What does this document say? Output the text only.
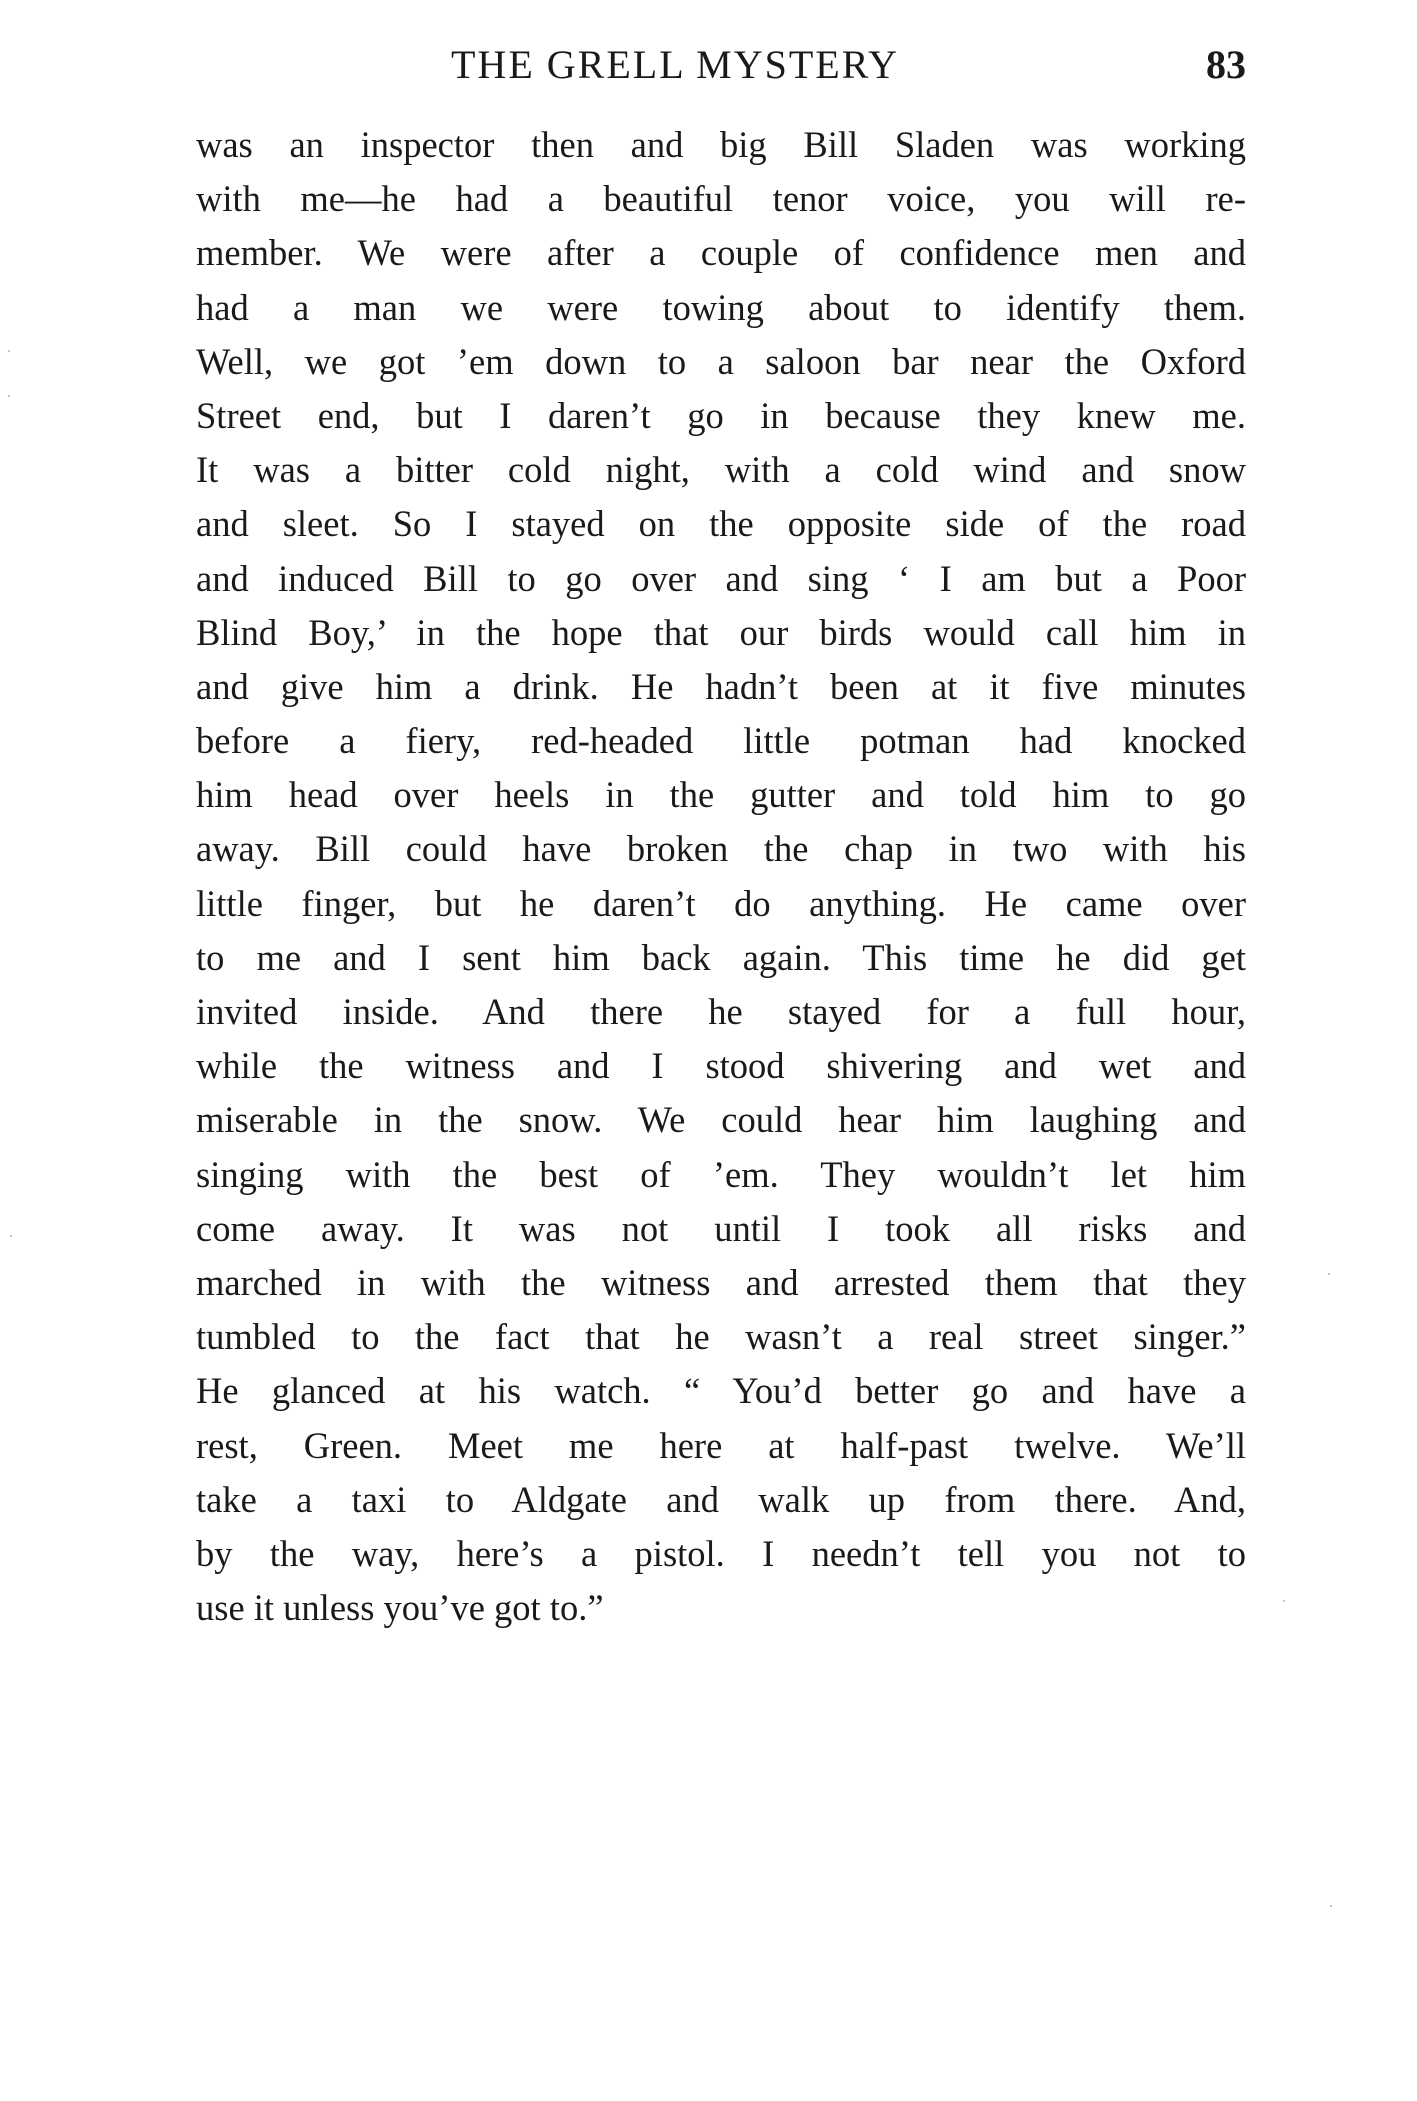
THE GRELL MYSTERY	83
was an inspector then and big Bill Sladen was working
with me—he had a beautiful tenor voice, you will re-
member. We were after a couple of confidence men and
had a man we were towing about to identify them.
Well, we got ’em down to a saloon bar near the Oxford
Street end, but I daren’t go in because they knew me.
It was a bitter cold night, with a cold wind and snow
and sleet. So I stayed on the opposite side of the road
and induced Bill to go over and sing ‘ I am but a Poor
Blind Boy,’ in the hope that our birds would call him in
and give him a drink. He hadn’t been at it five minutes
before a fiery, red-headed little potman had knocked
him head over heels in the gutter and told him to go
away. Bill could have broken the chap in two with his
little finger, but he daren’t do anything. He came over
to me and I sent him back again. This time he did get
invited inside. And there he stayed for a full hour,
while the witness and I stood shivering and wet and
miserable in the snow. We could hear him laughing and
singing with the best of ’em. They wouldn’t let him
come away. It was not until I took all risks and
marched in with the witness and arrested them that they
tumbled to the fact that he wasn’t a real street singer.”
He glanced at his watch. “ You’d better go and have a
rest, Green. Meet me here at half-past twelve. We’ll
take a taxi to Aldgate and walk up from there. And,
by the way, here’s a pistol. I needn’t tell you not to
use it unless you’ve got to.”
